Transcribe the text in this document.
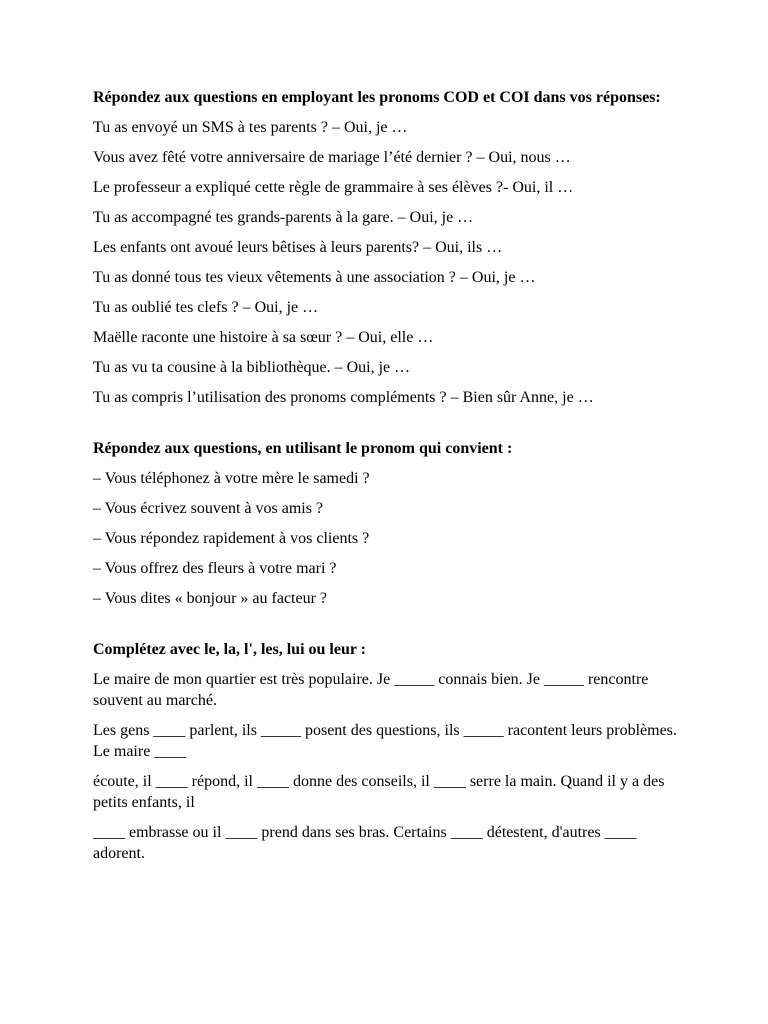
Répondez aux questions en employant les pronoms COD et COI dans vos réponses:
Tu as envoyé un SMS à tes parents ? – Oui, je …
Vous avez fêté votre anniversaire de mariage l’été dernier ? – Oui, nous …
Le professeur a expliqué cette règle de grammaire à ses élèves ?- Oui, il …
Tu as accompagné tes grands-parents à la gare. – Oui, je …
Les enfants ont avoué leurs bêtises à leurs parents? – Oui, ils …
Tu as donné tous tes vieux vêtements à une association ? – Oui, je …
Tu as oublié tes clefs ? – Oui, je …
Maëlle raconte une histoire à sa sœur ? – Oui, elle …
Tu as vu ta cousine à la bibliothèque. – Oui, je …
Tu as compris l’utilisation des pronoms compléments ? – Bien sûr Anne, je …
Répondez aux questions, en utilisant le pronom qui convient :
– Vous téléphonez à votre mère le samedi ?
– Vous écrivez souvent à vos amis ?
– Vous répondez rapidement à vos clients ?
– Vous offrez des fleurs à votre mari ?
– Vous dites « bonjour » au facteur ?
Complétez avec le, la, l', les, lui ou leur :
Le maire de mon quartier est très populaire. Je _____ connais bien. Je _____ rencontre souvent au marché.
Les gens ____ parlent, ils _____ posent des questions, ils _____ racontent leurs problèmes. Le maire ____
écoute, il ____ répond, il ____ donne des conseils, il ____ serre la main. Quand il y a des petits enfants, il
____ embrasse ou il ____ prend dans ses bras. Certains ____ détestent, d'autres ____ adorent.
